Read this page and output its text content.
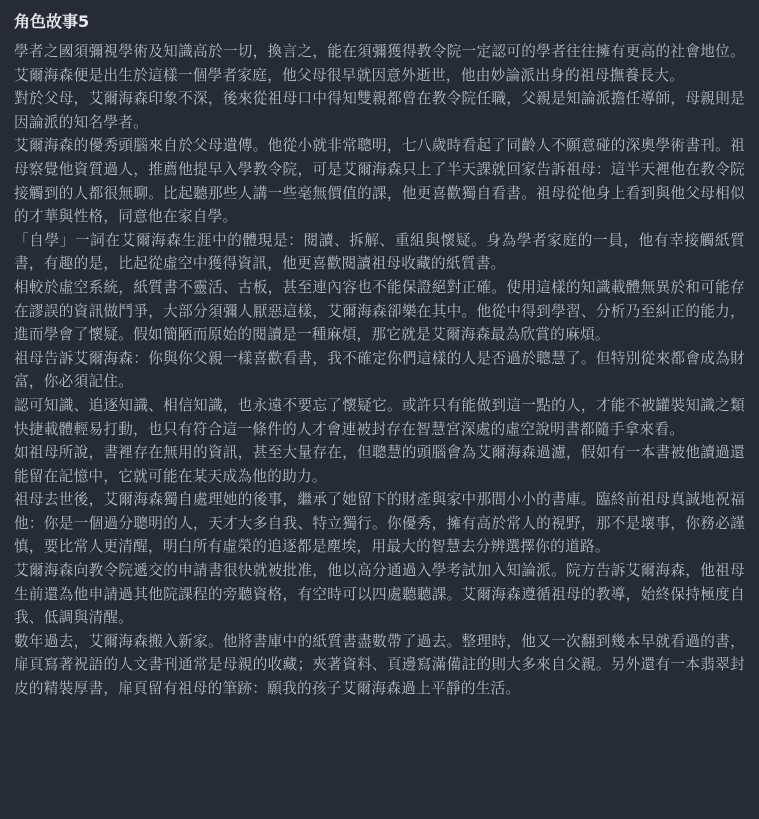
角色故事5

學者之國須彌視學術及知識高於一切，換言之，能在須彌獲得教令院一定認可的學者往往擁有更高的社會地位。艾爾海森便是出生於這樣一個學者家庭，他父母很早就因意外逝世，他由妙論派出身的祖母撫養長大。

對於父母，艾爾海森印象不深，後來從祖母口中得知雙親都曾在教令院任職，父親是知論派擔任導師，母親則是因論派的知名學者。

艾爾海森的優秀頭腦來自於父母遺傳。他從小就非常聰明，七八歲時看起了同齡人不願意碰的深奧學術書刊。祖母察覺他資質過人，推薦他提早入學教令院，可是艾爾海森只上了半天課就回家告訴祖母：這半天裡他在教令院接觸到的人都很無聊。比起聽那些人講一些毫無價值的課，他更喜歡獨自看書。祖母從他身上看到與他父母相似的才華與性格，同意他在家自學。

「自學」一詞在艾爾海森生涯中的體現是：閱讀、拆解、重組與懷疑。身為學者家庭的一員，他有幸接觸紙質書，有趣的是，比起從虛空中獲得資訊，他更喜歡閱讀祖母收藏的紙質書。

相較於虛空系統，紙質書不靈活、古板，甚至連內容也不能保證絕對正確。使用這樣的知識載體無異於和可能存在謬誤的資訊做鬥爭，大部分須彌人厭惡這樣，艾爾海森卻樂在其中。他從中得到學習、分析乃至糾正的能力，進而學會了懷疑。假如簡陋而原始的閱讀是一種麻煩，那它就是艾爾海森最為欣賞的麻煩。

祖母告訴艾爾海森：你與你父親一樣喜歡看書，我不確定你們這樣的人是否過於聰慧了。但特別從來都會成為財富，你必須記住。

認可知識、追逐知識、相信知識，也永遠不要忘了懷疑它。或許只有能做到這一點的人，才能不被罐裝知識之類快捷載體輕易打動，也只有符合這一條件的人才會連被封存在智慧宮深處的虛空說明書都隨手拿來看。

如祖母所說，書裡存在無用的資訊，甚至大量存在，但聰慧的頭腦會為艾爾海森過濾，假如有一本書被他讀過還能留在記憶中，它就可能在某天成為他的助力。

祖母去世後，艾爾海森獨自處理她的後事，繼承了她留下的財產與家中那間小小的書庫。臨終前祖母真誠地祝福他：你是一個過分聰明的人，天才大多自我、特立獨行。你優秀，擁有高於常人的視野，那不是壞事，你務必謹慎，要比常人更清醒，明白所有虛榮的追逐都是塵埃，用最大的智慧去分辨選擇你的道路。

艾爾海森向教令院遞交的申請書很快就被批准，他以高分通過入學考試加入知論派。院方告訴艾爾海森，他祖母生前還為他申請過其他院課程的旁聽資格，有空時可以四處聽聽課。艾爾海森遵循祖母的教導，始終保持極度自我、低調與清醒。

數年過去，艾爾海森搬入新家。他將書庫中的紙質書盡數帶了過去。整理時，他又一次翻到幾本早就看過的書，扉頁寫著祝語的人文書刊通常是母親的收藏；夾著資料、頁邊寫滿備註的則大多來自父親。另外還有一本翡翠封皮的精裝厚書，扉頁留有祖母的筆跡：願我的孩子艾爾海森過上平靜的生活。
